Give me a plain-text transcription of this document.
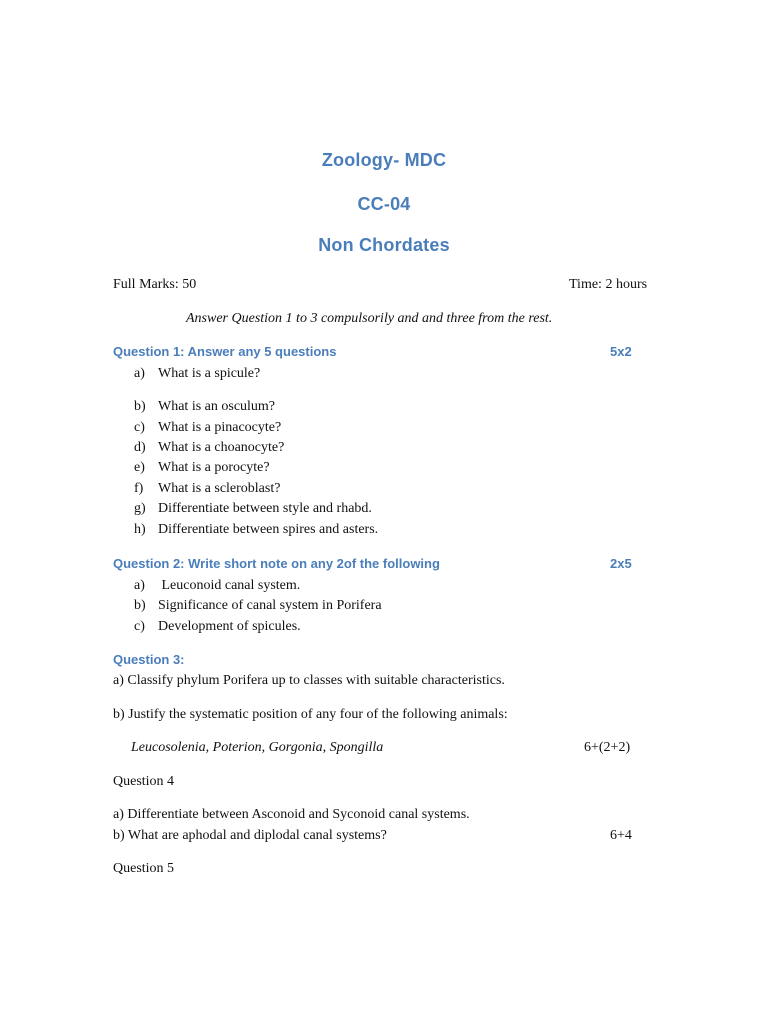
Zoology- MDC
CC-04
Non Chordates
Full Marks: 50	Time: 2 hours
Answer Question 1 to 3 compulsorily and and three from the rest.
Question 1: Answer any 5 questions	5x2
a) What is a spicule?
b) What is an osculum?
c) What is a pinacocyte?
d) What is a choanocyte?
e) What is a porocyte?
f) What is a scleroblast?
g) Differentiate between style and rhabd.
h) Differentiate between spires and asters.
Question 2: Write short note on any 2of the following	2x5
a) Leuconoid canal system.
b) Significance of canal system in Porifera
c) Development of spicules.
Question 3:
a) Classify phylum Porifera up to classes with suitable characteristics.
b) Justify the systematic position of any four of the following animals:
Leucosolenia, Poterion, Gorgonia, Spongilla	6+(2+2)
Question 4
a) Differentiate between Asconoid and Syconoid canal systems.
b) What are aphodal and diplodal canal systems?	6+4
Question 5
